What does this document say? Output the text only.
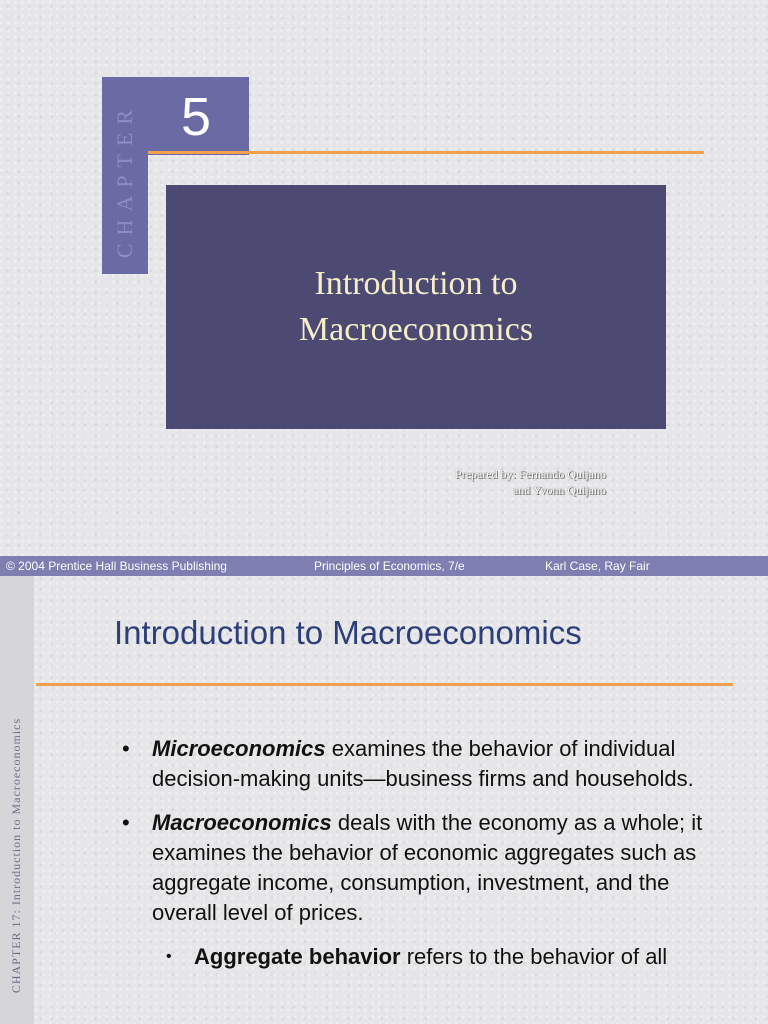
CHAPTER 5
Introduction to
Macroeconomics
Prepared by: Fernando Quijano
and Yvonn Quijano
© 2004 Prentice Hall Business Publishing	Principles of Economics, 7/e	Karl Case, Ray Fair
CHAPTER 17: Introduction to Macroeconomics
Introduction to Macroeconomics
• Microeconomics examines the behavior of individual decision-making units—business firms and households.
• Macroeconomics deals with the economy as a whole; it examines the behavior of economic aggregates such as aggregate income, consumption, investment, and the overall level of prices.
• Aggregate behavior refers to the behavior of all
